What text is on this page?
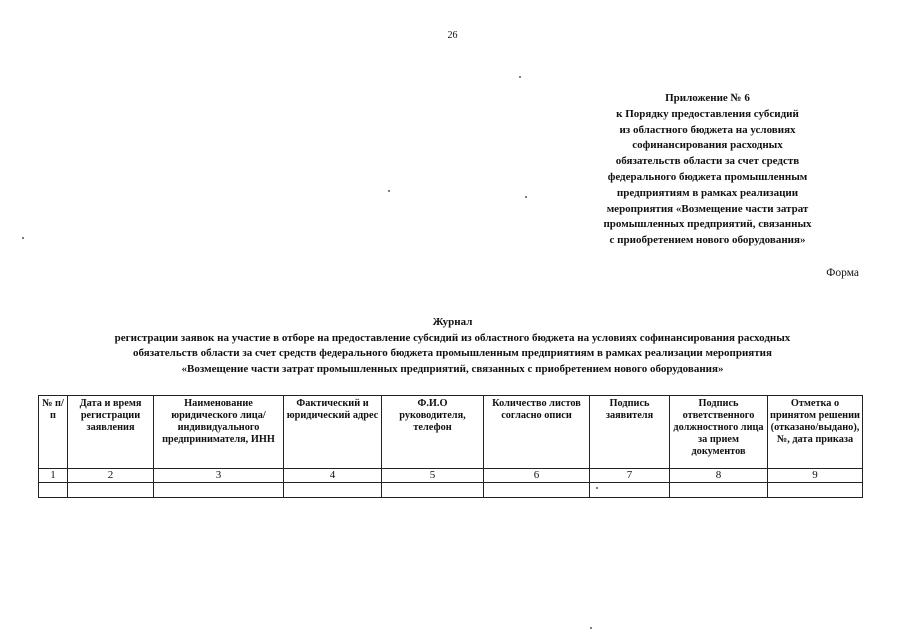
26
Приложение № 6
к Порядку предоставления субсидий
из областного бюджета на условиях
софинансирования расходных
обязательств области за счет средств
федерального бюджета промышленным
предприятиям в рамках реализации
мероприятия «Возмещение части затрат
промышленных предприятий, связанных
с приобретением нового оборудования»
Форма
Журнал
регистрации заявок на участие в отборе на предоставление субсидий из областного бюджета на условиях софинансирования расходных
обязательств области за счет средств федерального бюджета промышленным предприятиям в рамках реализации мероприятия
«Возмещение части затрат промышленных предприятий, связанных с приобретением нового оборудования»
№ п/п	Дата и время регистрации заявления	Наименование юридического лица/ индивидуального предпринимателя, ИНН	Фактический и юридический адрес	Ф.И.О руководителя, телефон	Количество листов согласно описи	Подпись заявителя	Подпись ответственного должностного лица за прием документов	Отметка о принятом решении (отказано/выдано), №, дата приказа
1	2	3	4	5	6	7	8	9
